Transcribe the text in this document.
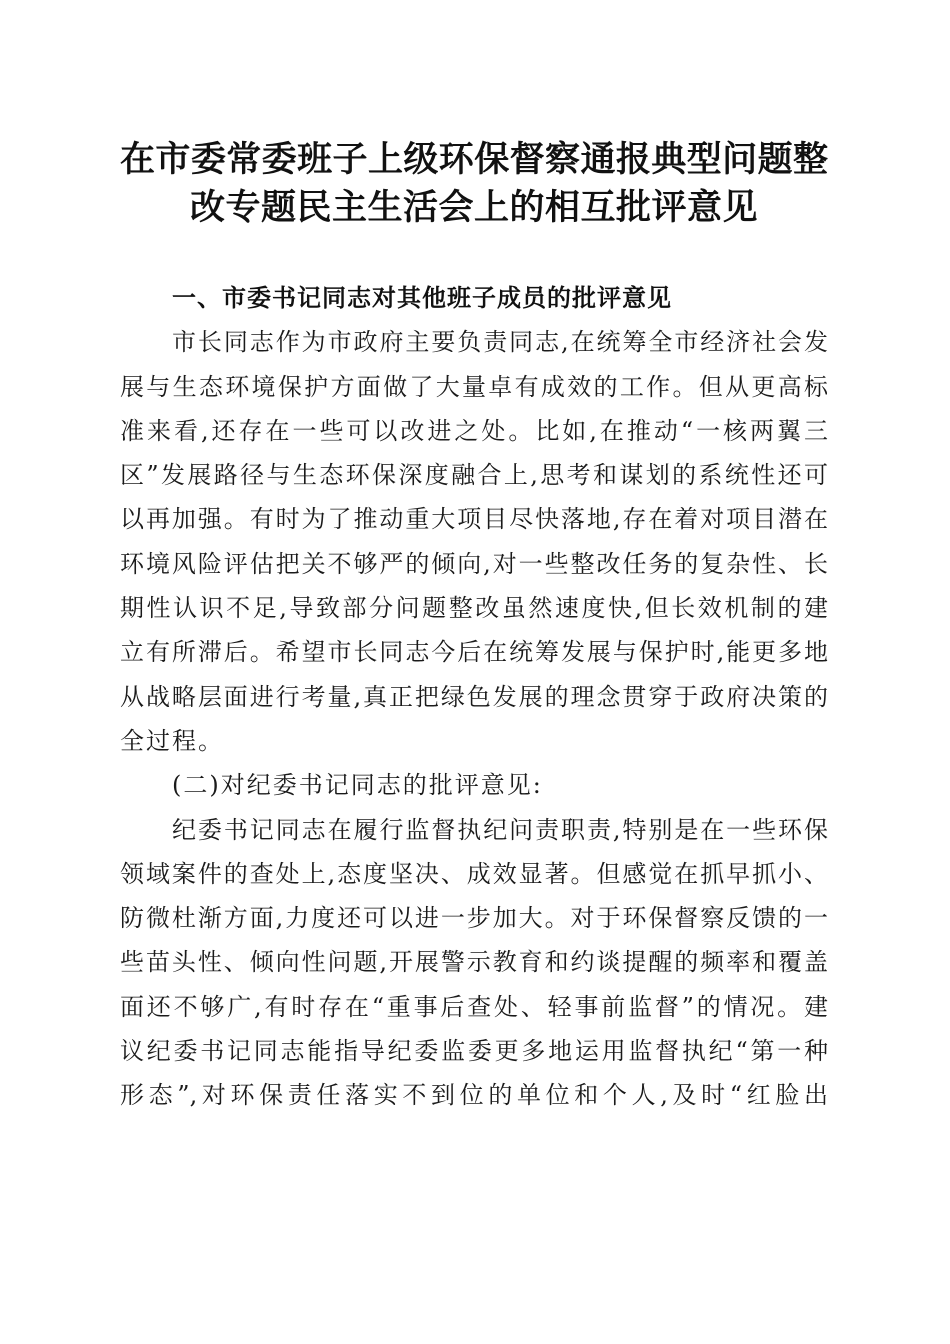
在市委常委班子上级环保督察通报典型问题整
改专题民主生活会上的相互批评意见
一、市委书记同志对其他班子成员的批评意见
市长同志作为市政府主要负责同志,在统筹全市经济社会发
展与生态环境保护方面做了大量卓有成效的工作。但从更高标
准来看,还存在一些可以改进之处。比如,在推动“一核两翼三
区”发展路径与生态环保深度融合上,思考和谋划的系统性还可
以再加强。有时为了推动重大项目尽快落地,存在着对项目潜在
环境风险评估把关不够严的倾向,对一些整改任务的复杂性、长
期性认识不足,导致部分问题整改虽然速度快,但长效机制的建
立有所滞后。希望市长同志今后在统筹发展与保护时,能更多地
从战略层面进行考量,真正把绿色发展的理念贯穿于政府决策的
全过程。
(二)对纪委书记同志的批评意见:
纪委书记同志在履行监督执纪问责职责,特别是在一些环保
领域案件的查处上,态度坚决、成效显著。但感觉在抓早抓小、
防微杜渐方面,力度还可以进一步加大。对于环保督察反馈的一
些苗头性、倾向性问题,开展警示教育和约谈提醒的频率和覆盖
面还不够广,有时存在“重事后查处、轻事前监督”的情况。建
议纪委书记同志能指导纪委监委更多地运用监督执纪“第一种
形态”,对环保责任落实不到位的单位和个人,及时“红脸出
